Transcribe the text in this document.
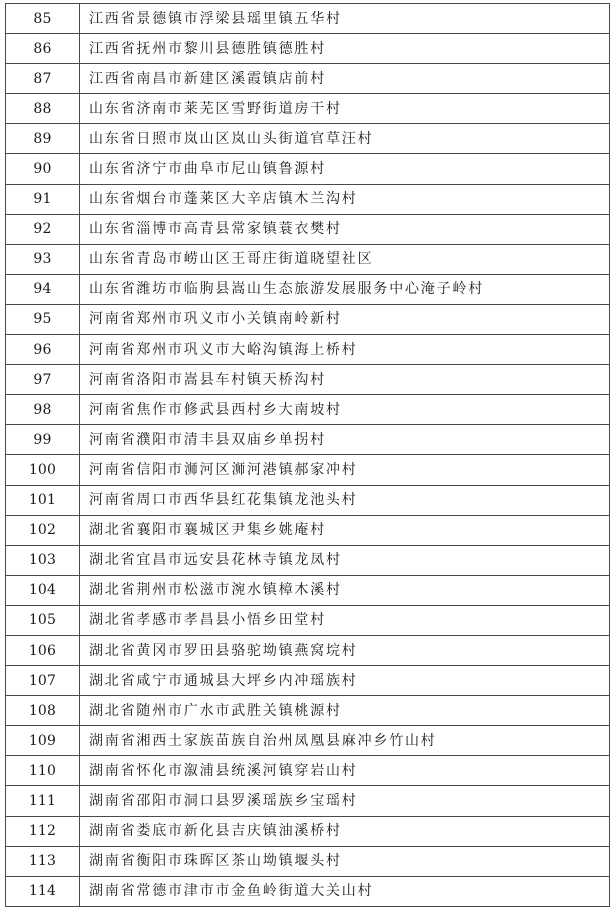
85	江西省景德镇市浮梁县瑶里镇五华村
86	江西省抚州市黎川县德胜镇德胜村
87	江西省南昌市新建区溪霞镇店前村
88	山东省济南市莱芜区雪野街道房干村
89	山东省日照市岚山区岚山头街道官草汪村
90	山东省济宁市曲阜市尼山镇鲁源村
91	山东省烟台市蓬莱区大辛店镇木兰沟村
92	山东省淄博市高青县常家镇蓑衣樊村
93	山东省青岛市崂山区王哥庄街道晓望社区
94	山东省潍坊市临朐县嵩山生态旅游发展服务中心淹子岭村
95	河南省郑州市巩义市小关镇南岭新村
96	河南省郑州市巩义市大峪沟镇海上桥村
97	河南省洛阳市嵩县车村镇天桥沟村
98	河南省焦作市修武县西村乡大南坡村
99	河南省濮阳市清丰县双庙乡单拐村
100	河南省信阳市浉河区浉河港镇郝家冲村
101	河南省周口市西华县红花集镇龙池头村
102	湖北省襄阳市襄城区尹集乡姚庵村
103	湖北省宜昌市远安县花林寺镇龙凤村
104	湖北省荆州市松滋市涴水镇樟木溪村
105	湖北省孝感市孝昌县小悟乡田堂村
106	湖北省黄冈市罗田县骆驼坳镇燕窝垸村
107	湖北省咸宁市通城县大坪乡内冲瑶族村
108	湖北省随州市广水市武胜关镇桃源村
109	湖南省湘西土家族苗族自治州凤凰县麻冲乡竹山村
110	湖南省怀化市溆浦县统溪河镇穿岩山村
111	湖南省邵阳市洞口县罗溪瑶族乡宝瑶村
112	湖南省娄底市新化县吉庆镇油溪桥村
113	湖南省衡阳市珠晖区茶山坳镇堰头村
114	湖南省常德市津市市金鱼岭街道大关山村
